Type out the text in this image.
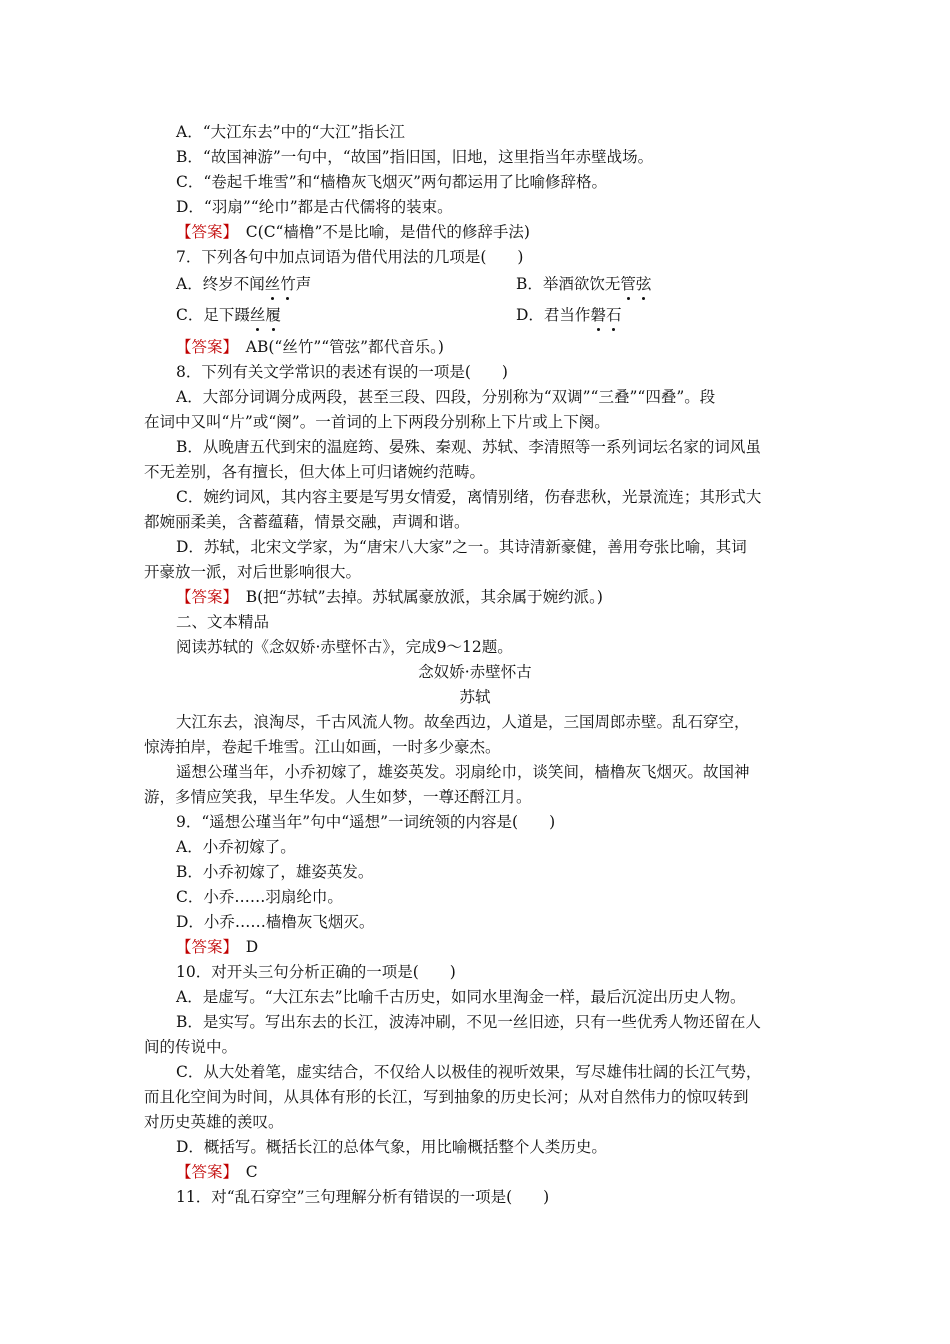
A．“大江东去”中的“大江”指长江
B．“故国神游”一句中，“故国”指旧国，旧地，这里指当年赤壁战场。
C．“卷起千堆雪”和“樯橹灰飞烟灭”两句都运用了比喻修辞格。
D．“羽扇”“纶巾”都是古代儒将的装束。
【答案】　 C(C“樯橹”不是比喻，是借代的修辞手法)
7．下列各句中加点词语为借代用法的几项是(　　)
A．终岁不闻丝竹声	B．举酒欲饮无管弦
C．足下蹑丝履	D．君当作磐石
【答案】　 AB(“丝竹”“管弦”都代音乐。)
8．下列有关文学常识的表述有误的一项是(　　)
A．大部分词调分成两段，甚至三段、四段，分别称为“双调”“三叠”“四叠”。段
在词中又叫“片”或“阕”。一首词的上下两段分别称上下片或上下阕。
B．从晚唐五代到宋的温庭筠、晏殊、秦观、苏轼、李清照等一系列词坛名家的词风虽
不无差别，各有擅长，但大体上可归诸婉约范畴。
C．婉约词风，其内容主要是写男女情爱，离情别绪，伤春悲秋，光景流连；其形式大
都婉丽柔美，含蓄蕴藉，情景交融，声调和谐。
D．苏轼，北宋文学家，为“唐宋八大家”之一。其诗清新豪健，善用夸张比喻，其词
开豪放一派，对后世影响很大。
【答案】　 B(把“苏轼”去掉。苏轼属豪放派，其余属于婉约派。)
二、文本精品
阅读苏轼的《念奴娇·赤壁怀古》，完成9～12题。
念奴娇·赤壁怀古
苏轼
大江东去，浪淘尽，千古风流人物。故垒西边，人道是，三国周郎赤壁。乱石穿空，
惊涛拍岸，卷起千堆雪。江山如画，一时多少豪杰。
遥想公瑾当年，小乔初嫁了，雄姿英发。羽扇纶巾，谈笑间，樯橹灰飞烟灭。故国神
游，多情应笑我，早生华发。人生如梦，一尊还酹江月。
9．“遥想公瑾当年”句中“遥想”一词统领的内容是(　　)
A．小乔初嫁了。
B．小乔初嫁了，雄姿英发。
C．小乔……羽扇纶巾。
D．小乔……樯橹灰飞烟灭。
【答案】　 D
10．对开头三句分析正确的一项是(　　)
A．是虚写。“大江东去”比喻千古历史，如同水里淘金一样，最后沉淀出历史人物。
B．是实写。写出东去的长江，波涛冲刷，不见一丝旧迹，只有一些优秀人物还留在人
间的传说中。
C．从大处着笔，虚实结合，不仅给人以极佳的视听效果，写尽雄伟壮阔的长江气势，
而且化空间为时间，从具体有形的长江，写到抽象的历史长河；从对自然伟力的惊叹转到
对历史英雄的羡叹。
D．概括写。概括长江的总体气象，用比喻概括整个人类历史。
【答案】　 C
11．对“乱石穿空”三句理解分析有错误的一项是(　　)
